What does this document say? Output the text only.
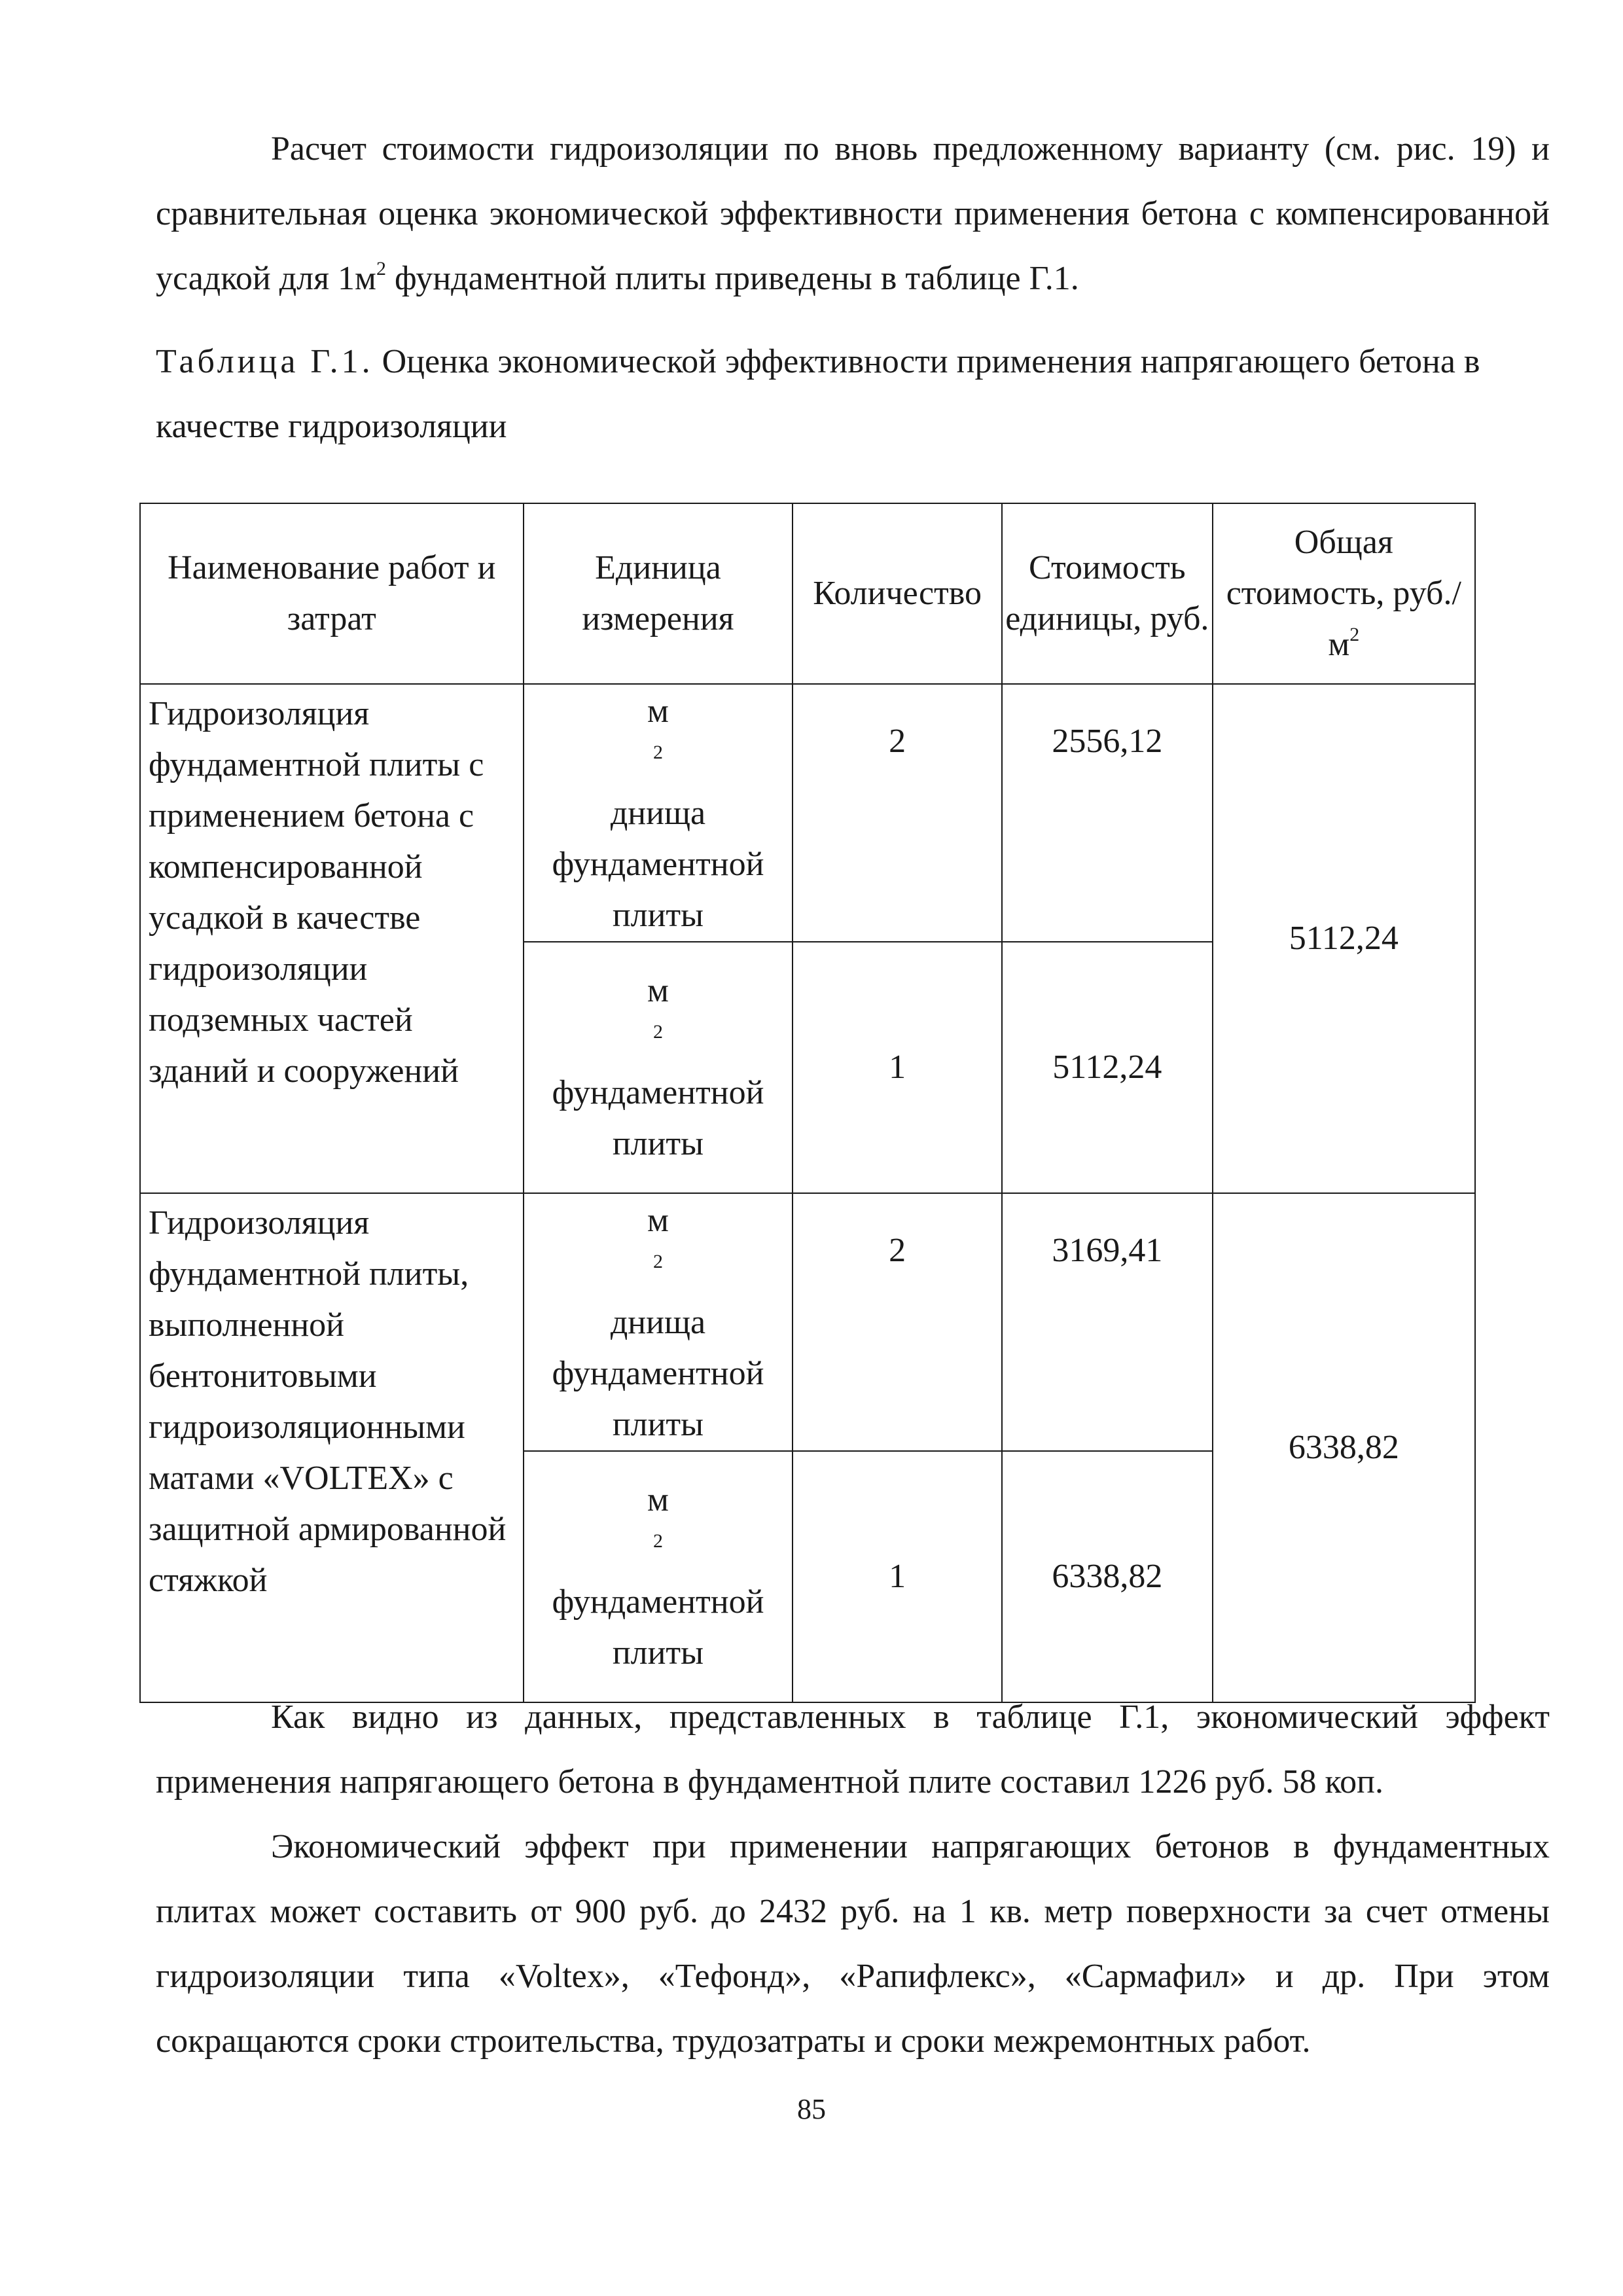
Расчет стоимости гидроизоляции по вновь предложенному варианту (см. рис. 19) и сравнительная оценка экономической эффективности применения бетона с компенсированной усадкой для $1м^2$ фундаментной плиты приведены в таблице Г.1.

Таблица Г.1. Оценка экономической эффективности применения напрягающего бетона в качестве гидроизоляции

Наименование работ и затрат	Единица измерения	Количество	Стоимость единицы, руб.	Общая стоимость, $руб./м^2$
Гидроизоляция фундаментной плиты с применением бетона с компенсированной усадкой в качестве гидроизоляции подземных частей зданий и сооружений	м
$^2$
днища
фундаментной
плиты	2	2556,12	5112,24

	м
$^2$
фундаментной
плиты	1	5112,24	
Гидроизоляция фундаментной плиты, выполненной бентонитовыми гидроизоляционными матами «VOLTEX» с защитной армированной стяжкой	м
$^2$
днища
фундаментной
плиты	2	3169,41	6338,82

	м
$^2$
фундаментной
плиты	1	6338,82	

Как видно из данных, представленных в таблице Г.1, экономический эффект применения напрягающего бетона в фундаментной плите составил 1226 руб. 58 коп.

Экономический эффект при применении напрягающих бетонов в фундаментных плитах может составить от 900 руб. до 2432 руб. на 1 кв. метр поверхности за счет отмены гидроизоляции типа «Voltex», «Тефонд», «Рапифлекс», «Сармафил» и др. При этом сокращаются сроки строительства, трудозатраты и сроки межремонтных работ.

85
